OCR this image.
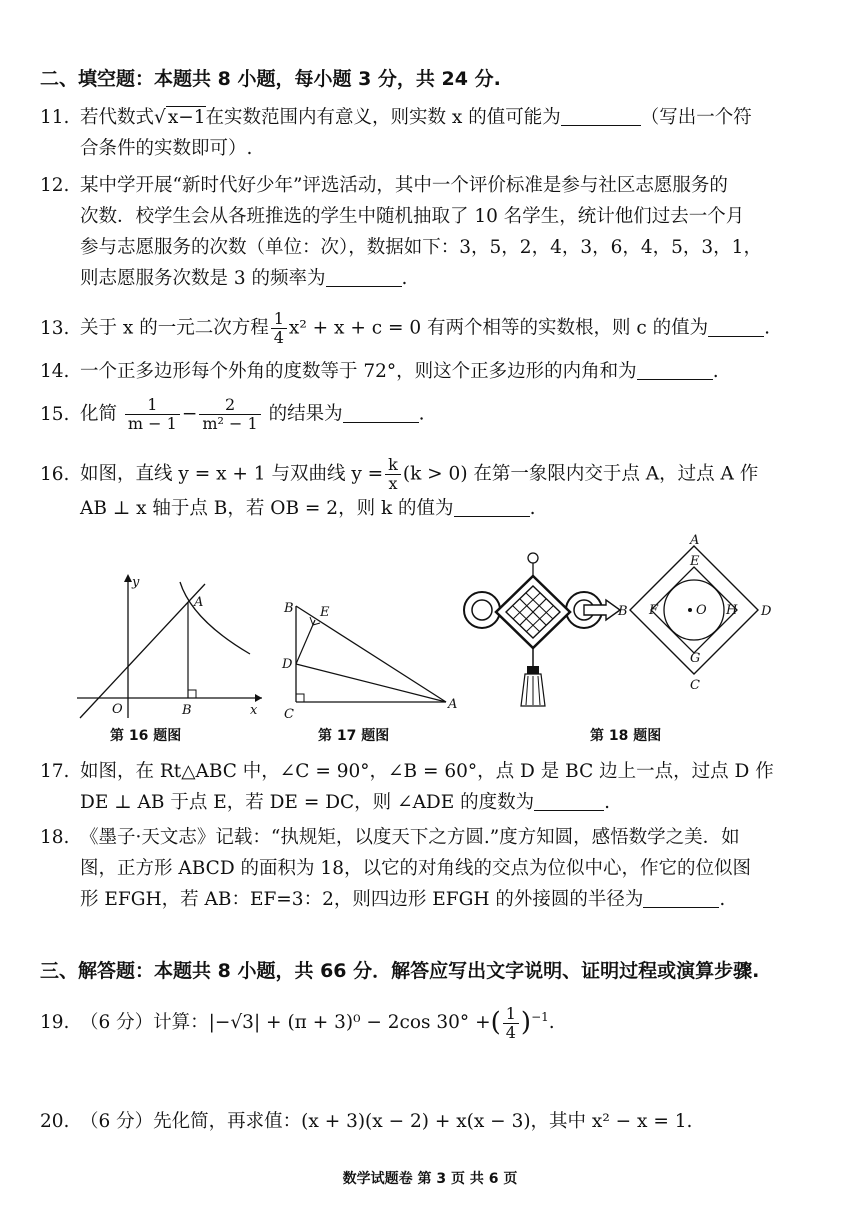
二、填空题：本题共 8 小题，每小题 3 分，共 24 分.
11. 若代数式√ x−1在实数范围内有意义，则实数 x 的值可能为	（写出一个符
合条件的实数即可）.
12. 某中学开展“新时代好少年”评选活动，其中一个评价标准是参与社区志愿服务的
次数．校学生会从各班推选的学生中随机抽取了 10 名学生，统计他们过去一个月
参与志愿服务的次数（单位：次），数据如下：3，5，2，4，3，6，4，5，3，1，
则志愿服务次数是 3 的频率为	.
13. 关于 x 的一元二次方程 $\frac{1}{4} x^2 + x + c = 0$ 有两个相等的实数根，则 c 的值为	.
14. 一个正多边形每个外角的度数等于 72°，则这个正多边形的内角和为	.
15. 化简 $\frac{1}{m - 1} - \frac{2}{\text{m² − 1}}$ 的结果为	.
16. 如图，直线 y = x + 1 与双曲线 $y = \frac{k}{x} (k > 0)$ 在第一象限内交于点 A，过点 A 作
AB ⊥ x 轴于点 B，若 OB = 2，则 k 的值为	.
y
x
O	B
A
第 16 题图
B E
D
C
A
第 17 题图
A
B
C
D
E
F
G
H
O
第 18 题图
17. 如图，在 Rt△ABC 中，∠C = 90°，∠B = 60°，点 D 是 BC 边上一点，过点 D 作
DE ⊥ AB 于点 E，若 DE = DC，则 ∠ADE 的度数为	.
18. 《墨子·天文志》记载：“执规矩，以度天下之方圆.”度方知圆，感悟数学之美．如
图，正方形 ABCD 的面积为 18，以它的对角线的交点为位似中心，作它的位似图
形 EFGH，若 AB：EF=3：2，则四边形 EFGH 的外接圆的半径为	.
三、解答题：本题共 8 小题，共 66 分．解答应写出文字说明、证明过程或演算步骤.
19. （6 分）计算：|−√3| + (π + 3)⁰ − 2cos 30° +( $\frac{1}{4} )^{-1}$.
20. （6 分）先化简，再求值：(x + 3)(x − 2) + x(x − 3)，其中 x² − x = 1.
数学试题卷 第 3 页 共 6 页
